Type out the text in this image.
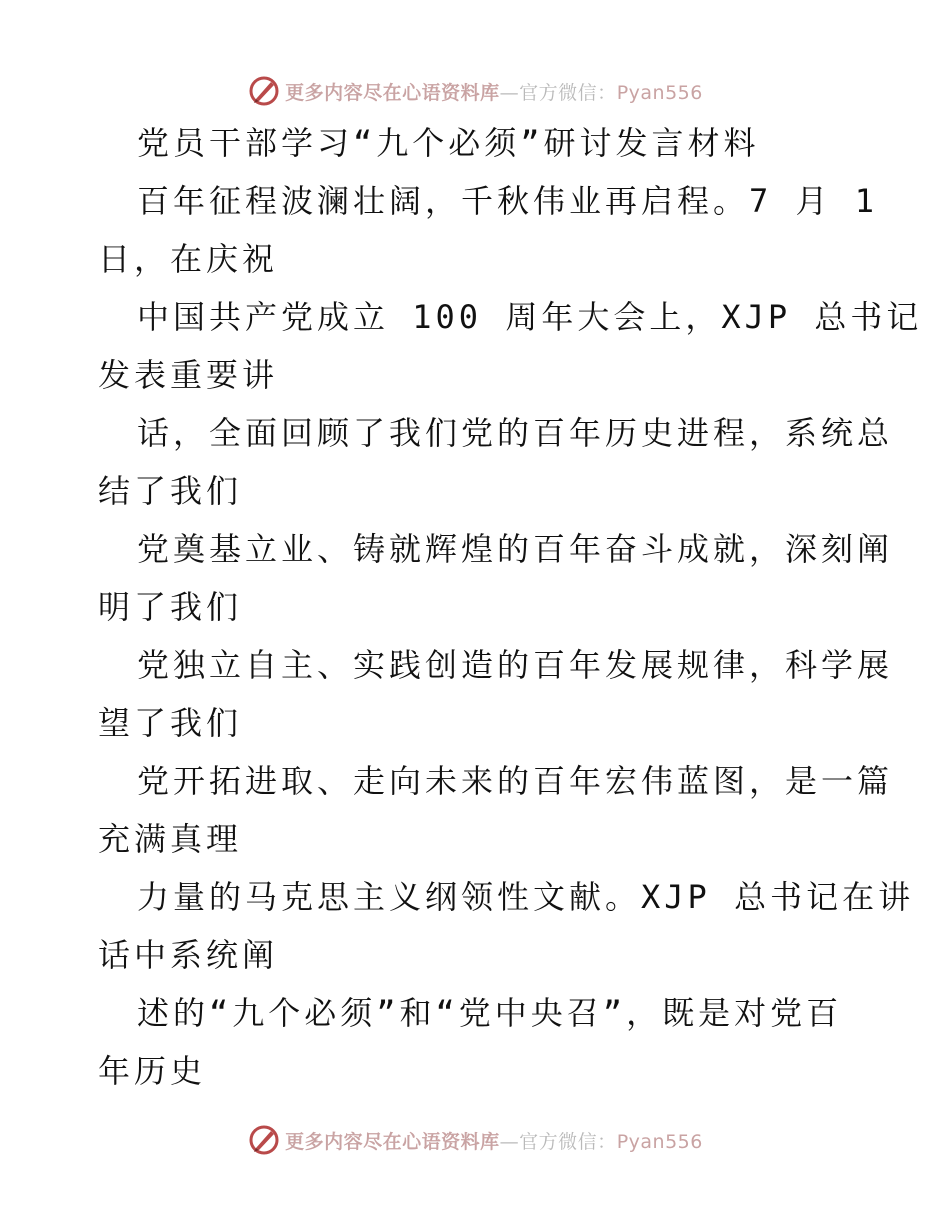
更多内容尽在心语资料库—官方微信：Pyan556
党员干部学习“九个必须”研讨发言材料
百年征程波澜壮阔，千秋伟业再启程。7 月 1
日，在庆祝
中国共产党成立 100 周年大会上，XJP 总书记
发表重要讲
话，全面回顾了我们党的百年历史进程，系统总
结了我们
党奠基立业、铸就辉煌的百年奋斗成就，深刻阐
明了我们
党独立自主、实践创造的百年发展规律，科学展
望了我们
党开拓进取、走向未来的百年宏伟蓝图，是一篇
充满真理
力量的马克思主义纲领性文献。XJP 总书记在讲
话中系统阐
述的“九个必须”和“党中央召”，既是对党百
年历史
更多内容尽在心语资料库—官方微信：Pyan556
